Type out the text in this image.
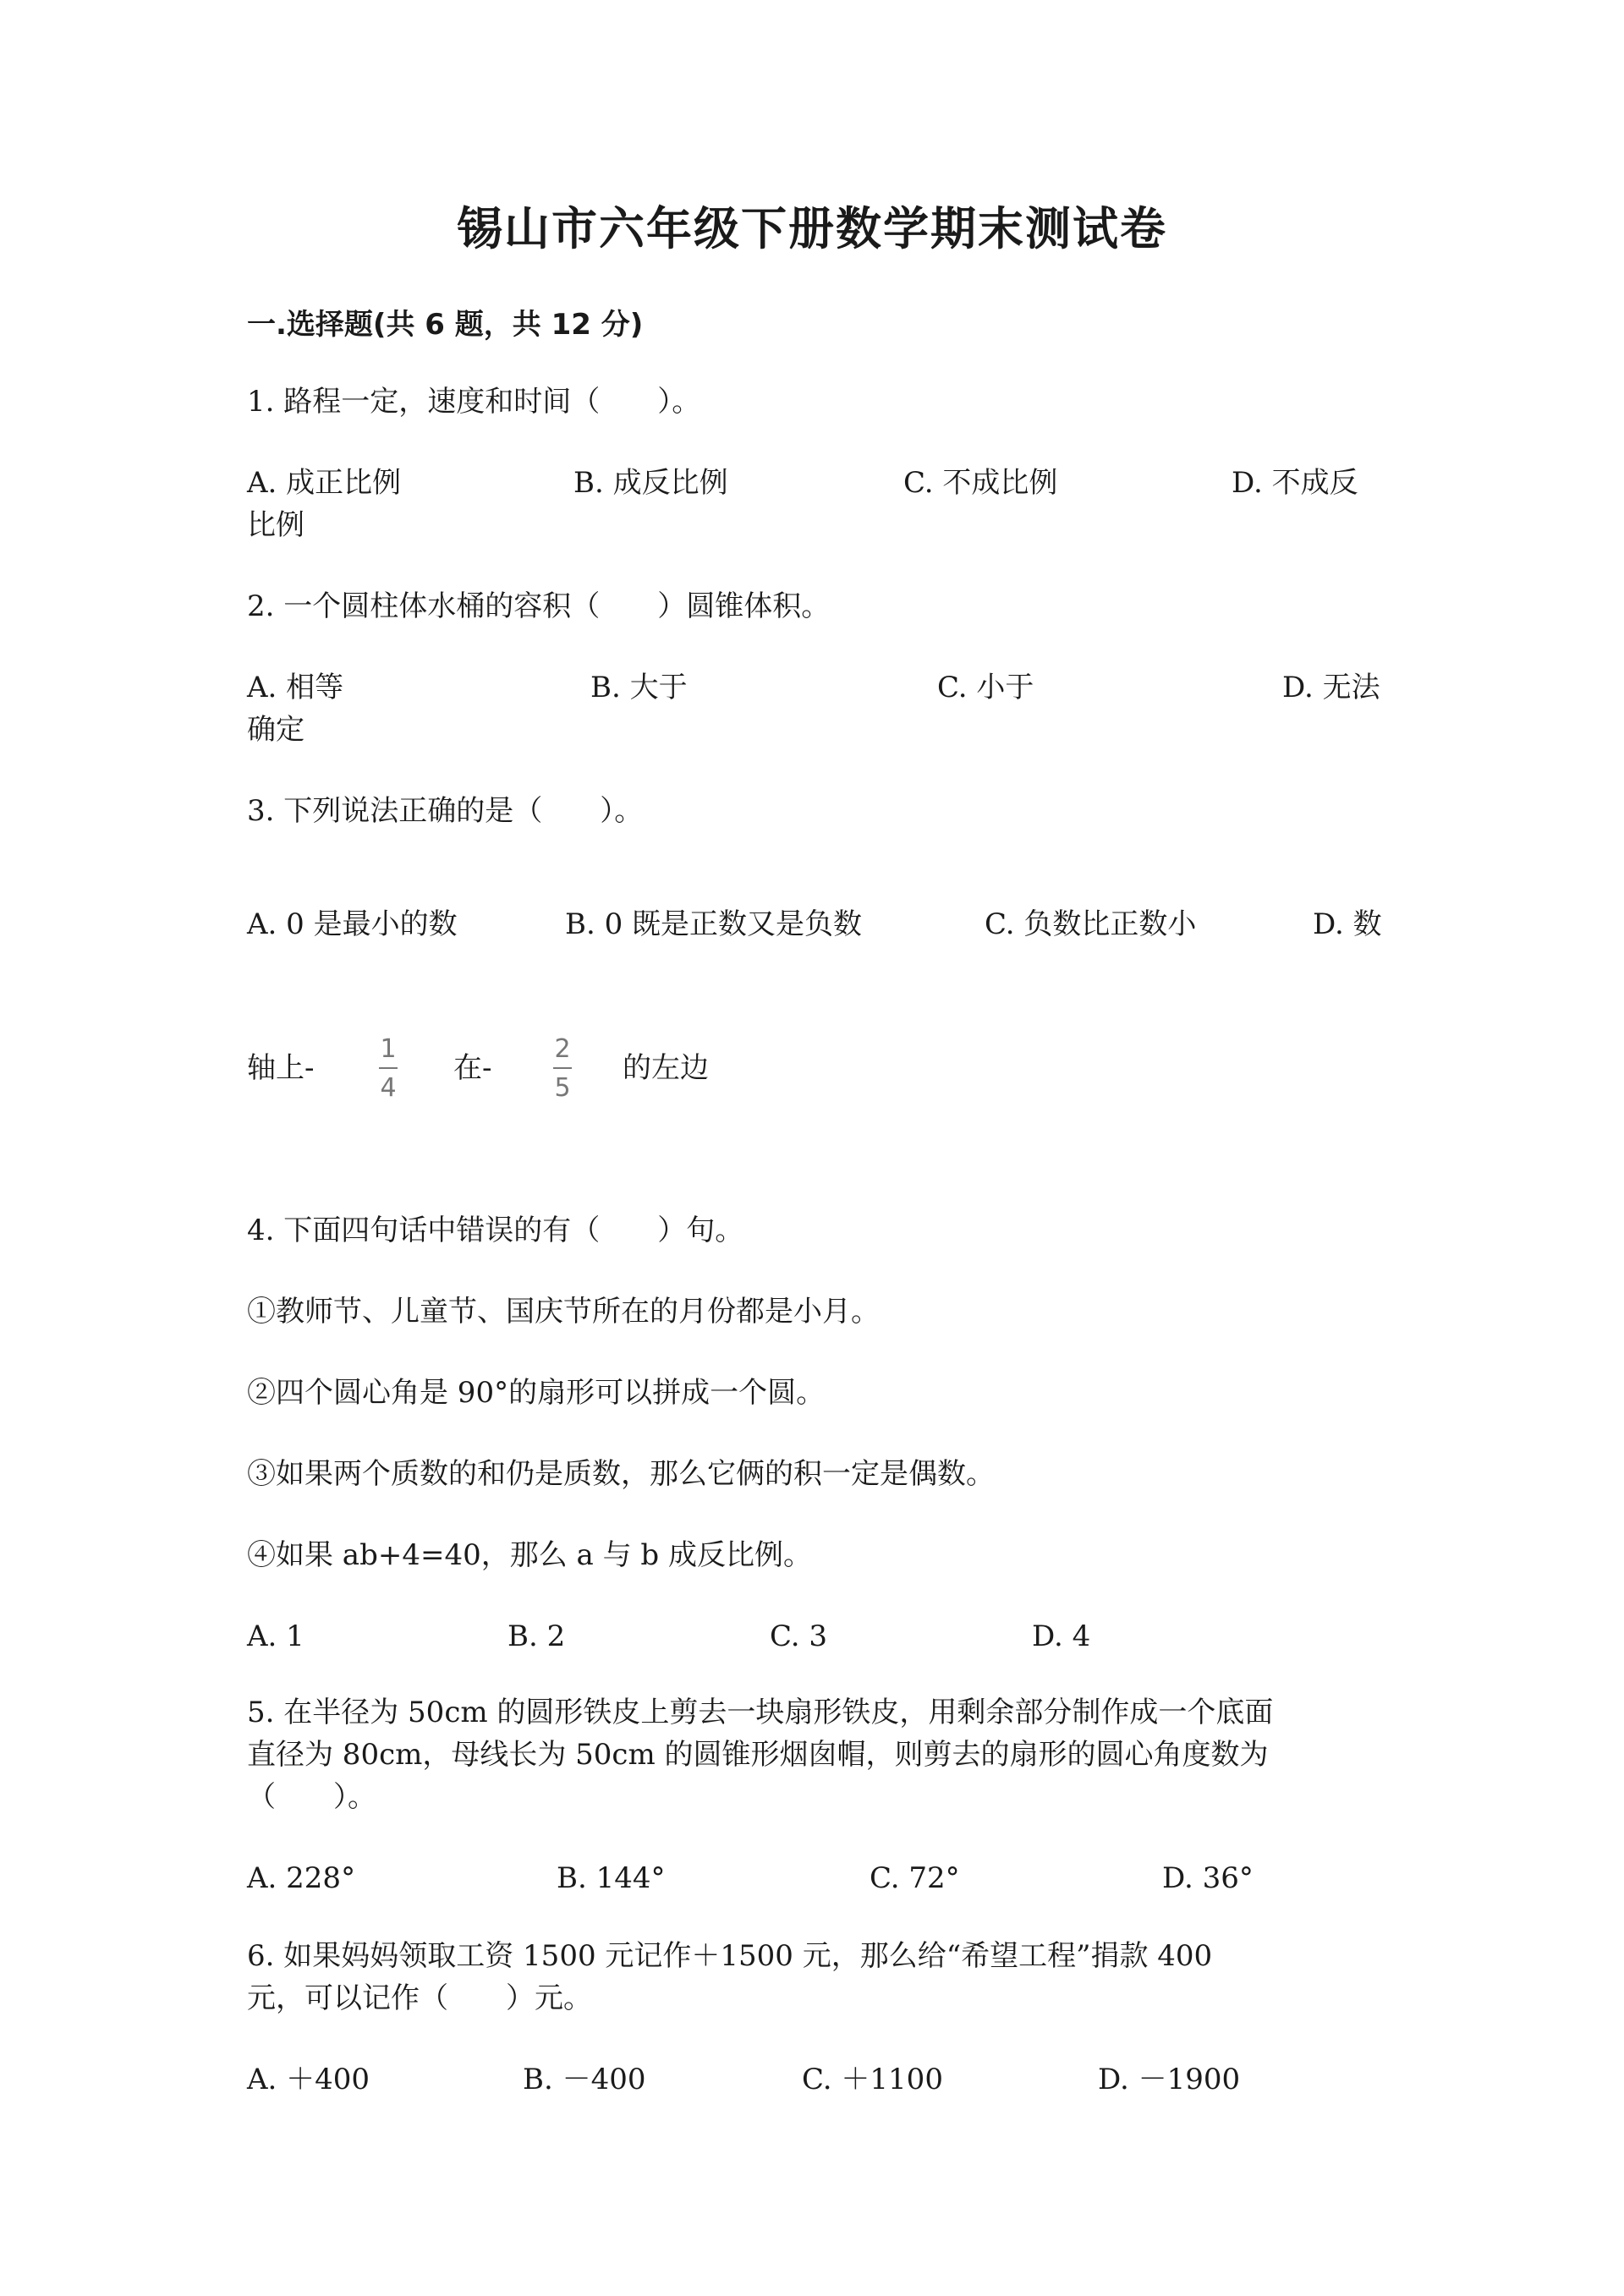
锡山市六年级下册数学期末测试卷
一.选择题(共 6 题，共 12 分)
1. 路程一定，速度和时间（　　）。
A. 成正比例	B. 成反比例	C. 不成比例	D. 不成反
比例
2. 一个圆柱体水桶的容积（　　）圆锥体积。
A. 相等	B. 大于	C. 小于	D. 无法
确定
3. 下列说法正确的是（　　）。
A. 0 是最小的数	B. 0 既是正数又是负数	C. 负数比正数小	D. 数
轴上-
1
4
在-
2
5
的左边
4. 下面四句话中错误的有（　　）句。
①教师节、儿童节、国庆节所在的月份都是小月。
②四个圆心角是 90°的扇形可以拼成一个圆。
③如果两个质数的和仍是质数，那么它俩的积一定是偶数。
④如果 ab+4=40，那么 a 与 b 成反比例。
A. 1	B. 2	C. 3	D. 4
5. 在半径为 50cm 的圆形铁皮上剪去一块扇形铁皮，用剩余部分制作成一个底面
直径为 80cm，母线长为 50cm 的圆锥形烟囱帽，则剪去的扇形的圆心角度数为
（　　）。
A. 228°	B. 144°	C. 72°	D. 36°
6. 如果妈妈领取工资 1500 元记作＋1500 元，那么给“希望工程”捐款 400
元，可以记作（　　）元。
A. ＋400	B. －400	C. ＋1100	D. －1900
